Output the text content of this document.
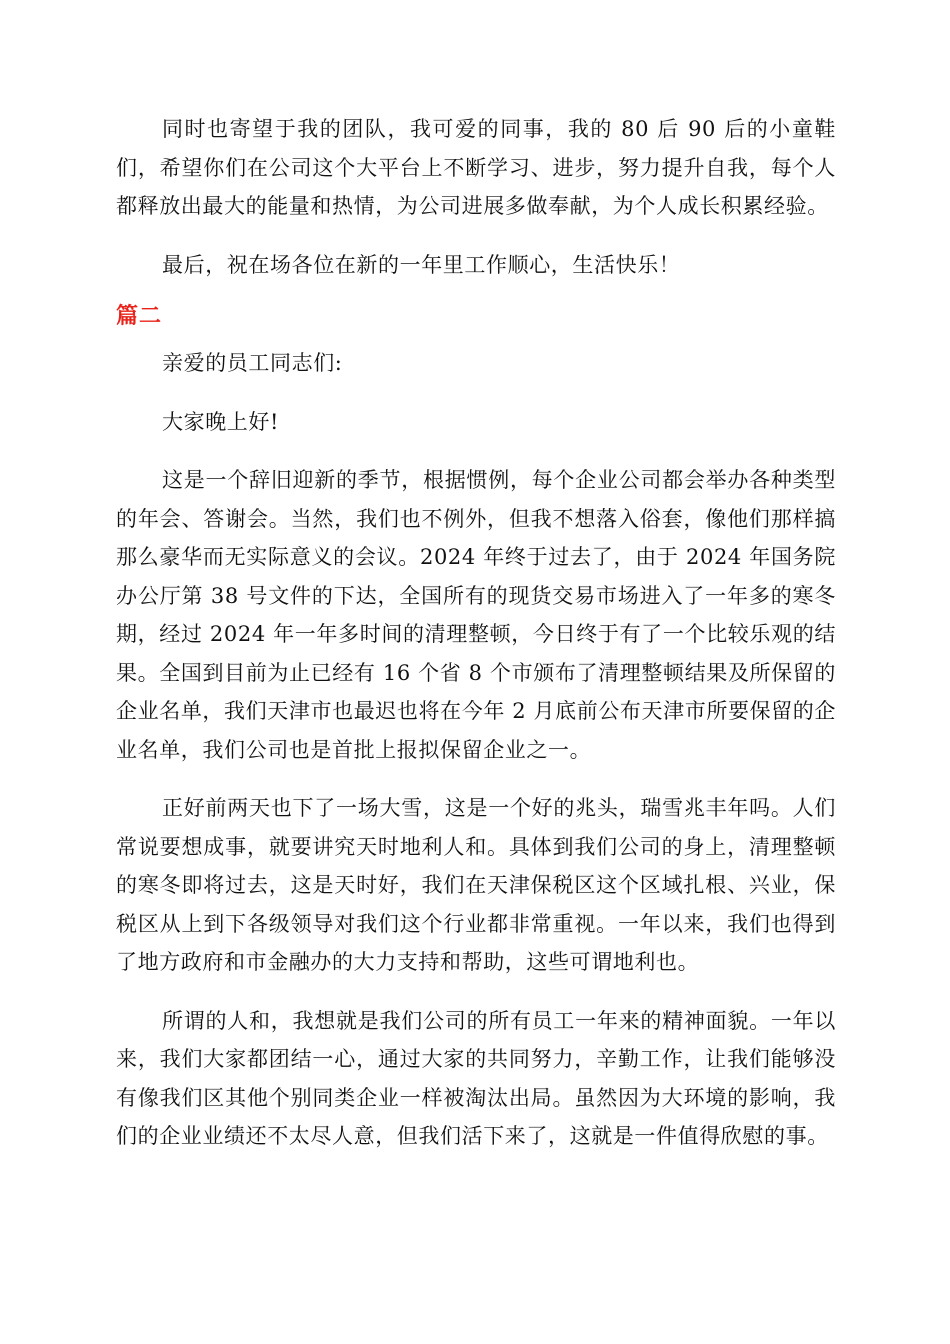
同时也寄望于我的团队，我可爱的同事，我的 80 后 90 后的小童鞋们，希望你们在公司这个大平台上不断学习、进步，努力提升自我，每个人都释放出最大的能量和热情，为公司进展多做奉献，为个人成长积累经验。

最后，祝在场各位在新的一年里工作顺心，生活快乐！

篇二

亲爱的员工同志们:

大家晚上好!

这是一个辞旧迎新的季节，根据惯例，每个企业公司都会举办各种类型的年会、答谢会。当然，我们也不例外，但我不想落入俗套，像他们那样搞那么豪华而无实际意义的会议。2024 年终于过去了，由于 2024 年国务院办公厅第 38 号文件的下达，全国所有的现货交易市场进入了一年多的寒冬期，经过 2024 年一年多时间的清理整顿，今日终于有了一个比较乐观的结果。全国到目前为止已经有 16 个省 8 个市颁布了清理整顿结果及所保留的企业名单，我们天津市也最迟也将在今年 2 月底前公布天津市所要保留的企业名单，我们公司也是首批上报拟保留企业之一。

正好前两天也下了一场大雪，这是一个好的兆头，瑞雪兆丰年吗。人们常说要想成事，就要讲究天时地利人和。具体到我们公司的身上，清理整顿的寒冬即将过去，这是天时好，我们在天津保税区这个区域扎根、兴业，保税区从上到下各级领导对我们这个行业都非常重视。一年以来，我们也得到了地方政府和市金融办的大力支持和帮助，这些可谓地利也。

所谓的人和，我想就是我们公司的所有员工一年来的精神面貌。一年以来，我们大家都团结一心，通过大家的共同努力，辛勤工作，让我们能够没有像我们区其他个别同类企业一样被淘汰出局。虽然因为大环境的影响，我们的企业业绩还不太尽人意，但我们活下来了，这就是一件值得欣慰的事。
